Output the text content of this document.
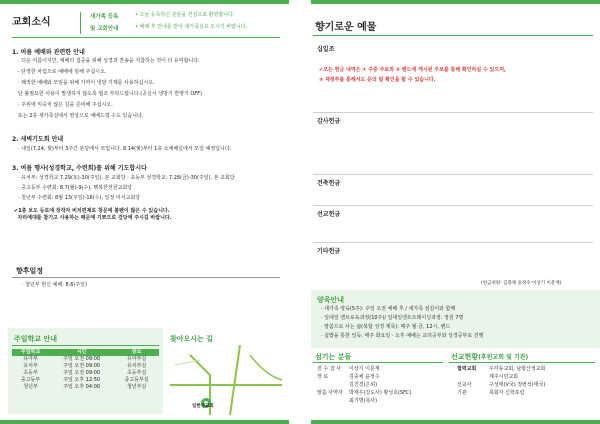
교회소식	새가족 등록
및 교회안내
• 오늘 등록하신 분들을 진심으로 환영합니다.
• 예배 후 안내를 받아 새가족실로 오시기 바랍니다.
1. 여름 예배와 관련한 안내
· 더운 여름이지만, 예배의 집중을 위해 성경과 찬송을 지참하는 것이 더 유익합니다.
· 단정한 차림으로 예배에 임해 주십시오.
· 쾌적한 예배와 모임을 위해 가까이 냉방 기계를 사용하십시오.
단 불필요한 사용이 발생하지 않도록 협조 부탁드립니다.(공실시 냉방기 반영기 OFF)
· 주위에 익숙치 않은 길을 준비해 주십시오.
또는 2층 새가족실에서 영상으로 예배드릴 수도 있습니다.
2. 새벽기도회 안내
· 내일(7.24, 월)부터 3주간 본당에서 모입니다. 8.14(월)부터 1층 소예배실에서 모일 예정입니다.
3. 여름 행사(성경학교, 수련회)를 위해 기도합시다
· 유치부: 성경학교 7.29(토)-30(주일), 본 교회당 · 초등부 성경학교: 7.28(금)-30(주일), 본 교회당
· 중고등부 수련회: 8.7(월)-9(수), 행복한전원교회당
· 청년부 수련회: 8월 13(주일)-16(수), 일정 미서교회당
✔1층 보도 등로에 장작자 비치편제로 창문에 볼펜이 많은 수 있습니다.
자리예대를 참기고 사용하는 때문에 기쁘으로 검당에 주시길 바랍니다.
향후일정
· 청년부 헌신 예배: 8.6(주일)
주일학교 안내
주일학교	시간	장소
유아부	주일 오전 09:00	유아부실
유치부	주일 오전 09:00	유치부실
초등부	주일 오전 09:00	초등부실
중고등부	주일 오후 12:50	중고등부실
청년부	주일 오후 04:00	청년부실
찾아오시는 길
일한성교회
향기로운 예물
십일조
✔모든 헌금 내역은 ① 주중 주보와 ② 밴드에 게시된 주보를 통해 확인하실 수 있으며,
③ 재정부를 통해서도 문의 및 확인을 할 수 있습니다.
감사헌금
건축헌금
선교헌금
기타헌금
(헌금위원: 김종채 윤정수 이상기 이문재)
양육안내
· 새가족 양육(5주): 주일 오전 예배 후 / 새가족 섬김이와 함께
· 일대일 엔트로육과정(10주)/ 일대일엔트트레이닝과정: 정원 7명
· 말씀으로 사는 삶(복합 성경 제목): 매주 월·금, 12시, 밴드
· 십밥을 통한 일독: 매주 화요일 · 오후 예배는 교리공부와 성경공부로 진행
섬기는 분들
전 수 집 사 이상기 이문재
장 로	김종채 윤정수
김진경(은퇴)
말씀 사역자 박재우(강도사) 황성호(SFC)
최기명(목사)
선교현황(후원교회 및 기관)
협력교회	우각동교회, 남항산정교회
제주시민교회
선교사	구성태(V국) 정변석(태국)
기관	목회자 신학포럼
